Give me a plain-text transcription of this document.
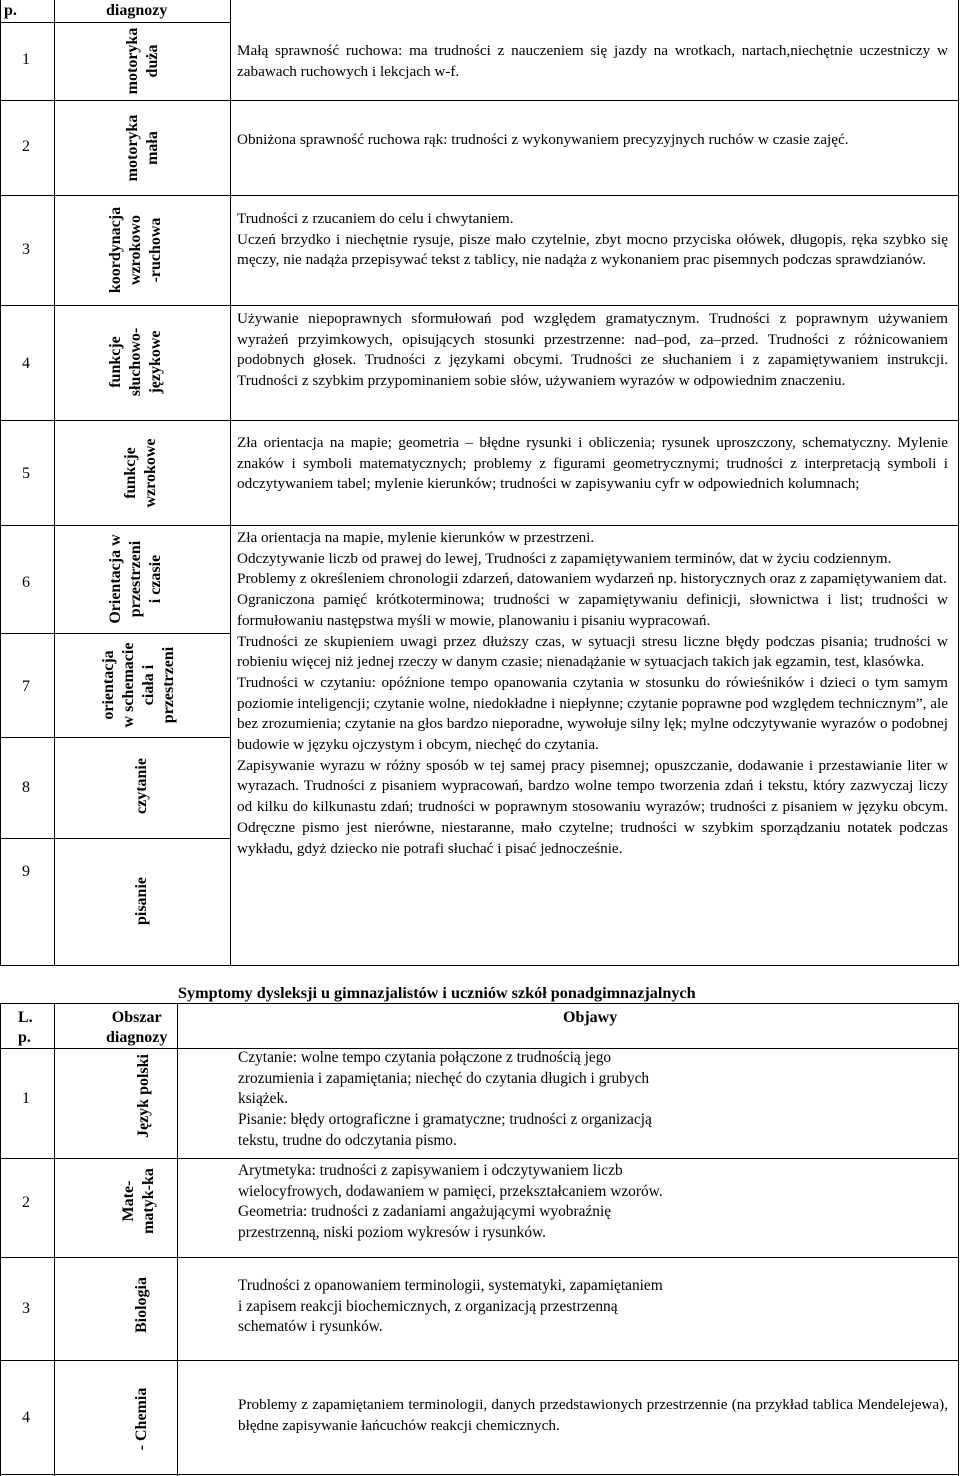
p.	diagnozy
1
2
3
4
5
6
7
8
9
motoryka duża
motoryka mała
koordynacja wzrokowo -ruchowa
funkcje słuchowo- językowe
funkcje wzrokowe
Orientacja w przestrzeni i czasie
orientacja w schemacie ciała i przestrzeni
czytanie
pisanie

Małą sprawność ruchowa: ma trudności z nauczeniem się jazdy na wrotkach, nartach,niechętnie uczestniczy w zabawach ruchowych i lekcjach w-f.

Obniżona sprawność ruchowa rąk: trudności z wykonywaniem precyzyjnych ruchów w czasie zajęć.

Trudności z rzucaniem do celu i chwytaniem.

Uczeń brzydko i niechętnie rysuje, pisze mało czytelnie, zbyt mocno przyciska ołówek, długopis, ręka szybko się męczy, nie nadąża przepisywać tekst z tablicy, nie nadąża z wykonaniem prac pisemnych podczas sprawdzianów.

Używanie niepoprawnych sformułowań pod względem gramatycznym. Trudności z poprawnym używaniem wyrażeń przyimkowych, opisujących stosunki przestrzenne: nad–pod, za–przed. Trudności z różnicowaniem podobnych głosek. Trudności z językami obcymi. Trudności ze słuchaniem i z zapamiętywaniem instrukcji. Trudności z szybkim przypominaniem sobie słów, używaniem wyrazów w odpowiednim znaczeniu.

Zła orientacja na mapie; geometria – błędne rysunki i obliczenia; rysunek uproszczony, schematyczny. Mylenie znaków i symboli matematycznych; problemy z figurami geometrycznymi; trudności z interpretacją symboli i odczytywaniem tabel; mylenie kierunków; trudności w zapisywaniu cyfr w odpowiednich kolumnach;

Zła orientacja na mapie, mylenie kierunków w przestrzeni.

Odczytywanie liczb od prawej do lewej, Trudności z zapamiętywaniem terminów, dat w życiu codziennym.

Problemy z określeniem chronologii zdarzeń, datowaniem wydarzeń np. historycznych oraz z zapamiętywaniem dat.

Ograniczona pamięć krótkoterminowa; trudności w zapamiętywaniu definicji, słownictwa i list; trudności w formułowaniu następstwa myśli w mowie, planowaniu i pisaniu wypracowań.

Trudności ze skupieniem uwagi przez dłuższy czas, w sytuacji stresu liczne błędy podczas pisania; trudności w robieniu więcej niż jednej rzeczy w danym czasie; nienadążanie w sytuacjach takich jak egzamin, test, klasówka.

Trudności w czytaniu: opóźnione tempo opanowania czytania w stosunku do rówieśników i dzieci o tym samym poziomie inteligencji; czytanie wolne, niedokładne i niepłynne; czytanie poprawne pod względem technicznym”, ale bez zrozumienia; czytanie na głos bardzo nieporadne, wywołuje silny lęk; mylne odczytywanie wyrazów o podobnej budowie w języku ojczystym i obcym, niechęć do czytania.

Zapisywanie wyrazu w różny sposób w tej samej pracy pisemnej; opuszczanie, dodawanie i przestawianie liter w wyrazach. Trudności z pisaniem wypracowań, bardzo wolne tempo tworzenia zdań i tekstu, który zazwyczaj liczy od kilku do kilkunastu zdań; trudności w poprawnym stosowaniu wyrazów; trudności z pisaniem w języku obcym. Odręczne pismo jest nierówne, niestaranne, mało czytelne; trudności w szybkim sporządzaniu notatek podczas wykładu, gdyż dziecko nie potrafi słuchać i pisać jednocześnie.

Symptomy dysleksji u gimnazjalistów i uczniów szkół ponadgimnazjalnych
L.
p.
Obszar
diagnozy
Objawy
1
2
3
4
Język polski
Mate- matyk-ka
Biologia
- Chemia

Czytanie: wolne tempo czytania połączone z trudnością jego

zrozumienia i zapamiętania; niechęć do czytania długich i grubych

książek.

Pisanie: błędy ortograficzne i gramatyczne; trudności z organizacją

tekstu, trudne do odczytania pismo.

Arytmetyka: trudności z zapisywaniem i odczytywaniem liczb

wielocyfrowych, dodawaniem w pamięci, przekształcaniem wzorów.

Geometria: trudności z zadaniami angażującymi wyobraźnię

przestrzenną, niski poziom wykresów i rysunków.

Trudności z opanowaniem terminologii, systematyki, zapamiętaniem

i zapisem reakcji biochemicznych, z organizacją przestrzenną

schematów i rysunków.

Problemy z zapamiętaniem terminologii, danych przedstawionych przestrzennie (na przykład tablica Mendelejewa), błędne zapisywanie łańcuchów reakcji chemicznych.
